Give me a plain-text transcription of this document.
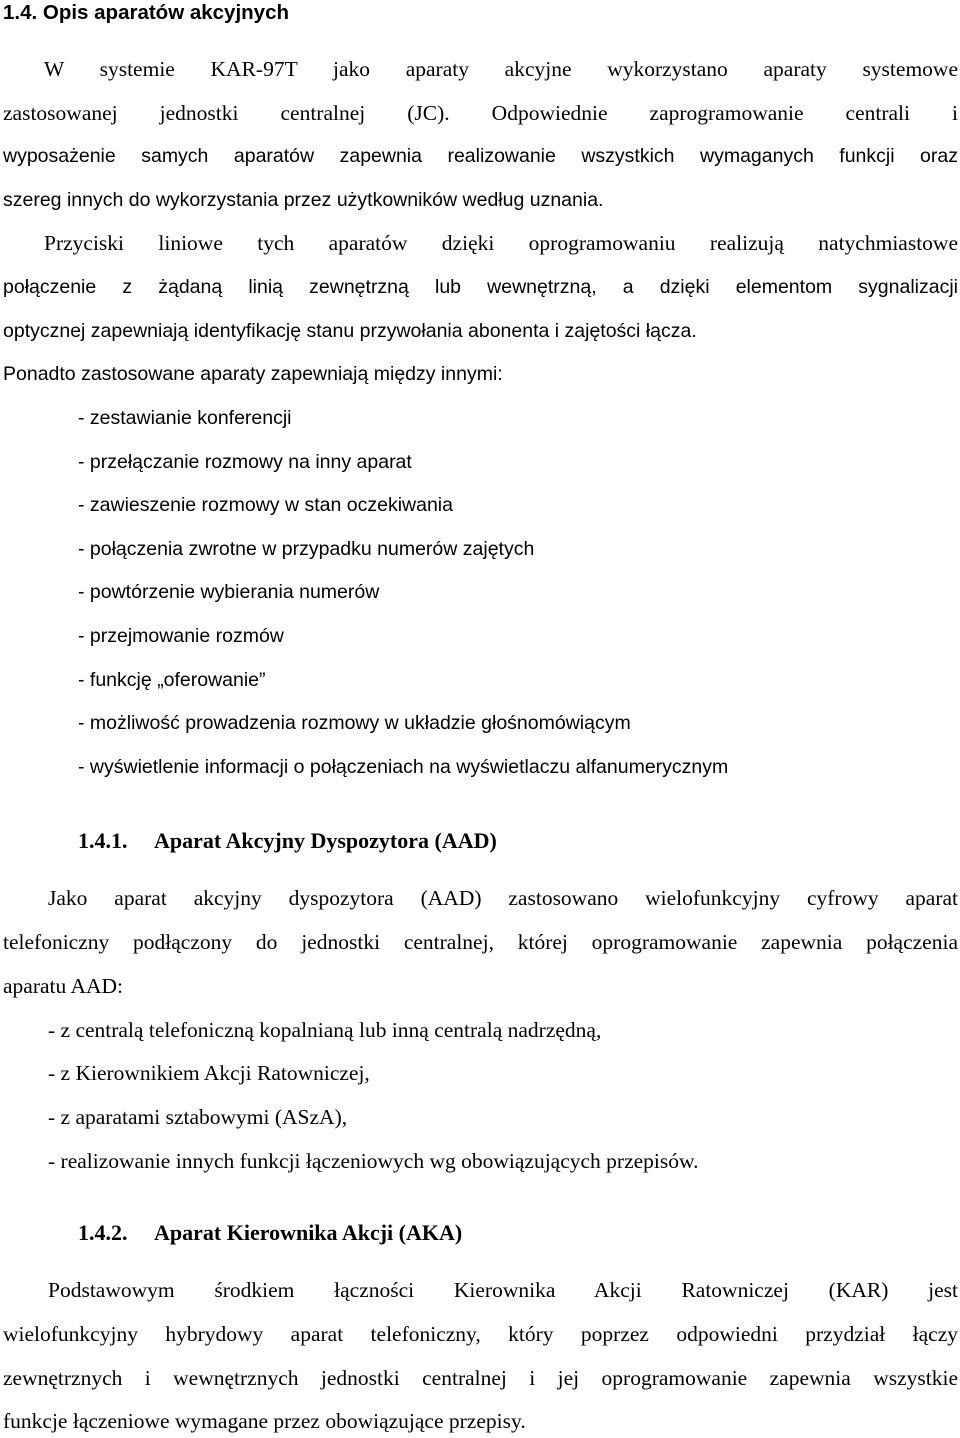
1.4. Opis aparatów akcyjnych
W systemie KAR-97T jako aparaty akcyjne wykorzystano aparaty systemowe
zastosowanej jednostki centralnej (JC). Odpowiednie zaprogramowanie centrali i
wyposażenie samych aparatów zapewnia realizowanie wszystkich wymaganych funkcji oraz
szereg innych do wykorzystania przez użytkowników według uznania.
Przyciski liniowe tych aparatów dzięki oprogramowaniu realizują natychmiastowe
połączenie z żądaną linią zewnętrzną lub wewnętrzną, a dzięki elementom sygnalizacji
optycznej zapewniają identyfikację stanu przywołania abonenta i zajętości łącza.
Ponadto zastosowane aparaty zapewniają między innymi:
- zestawianie konferencji
- przełączanie rozmowy na inny aparat
- zawieszenie rozmowy w stan oczekiwania
- połączenia zwrotne w przypadku numerów zajętych
- powtórzenie wybierania numerów
- przejmowanie rozmów
- funkcję „oferowanie”
- możliwość prowadzenia rozmowy w układzie głośnomówiącym
- wyświetlenie informacji o połączeniach na wyświetlaczu alfanumerycznym
1.4.1. Aparat Akcyjny Dyspozytora (AAD)
Jako aparat akcyjny dyspozytora (AAD) zastosowano wielofunkcyjny cyfrowy aparat
telefoniczny podłączony do jednostki centralnej, której oprogramowanie zapewnia połączenia
aparatu AAD:
- z centralą telefoniczną kopalnianą lub inną centralą nadrzędną,
- z Kierownikiem Akcji Ratowniczej,
- z aparatami sztabowymi (ASzA),
- realizowanie innych funkcji łączeniowych wg obowiązujących przepisów.
1.4.2. Aparat Kierownika Akcji (AKA)
Podstawowym środkiem łączności Kierownika Akcji Ratowniczej (KAR) jest
wielofunkcyjny hybrydowy aparat telefoniczny, który poprzez odpowiedni przydział łączy
zewnętrznych i wewnętrznych jednostki centralnej i jej oprogramowanie zapewnia wszystkie
funkcje łączeniowe wymagane przez obowiązujące przepisy.
